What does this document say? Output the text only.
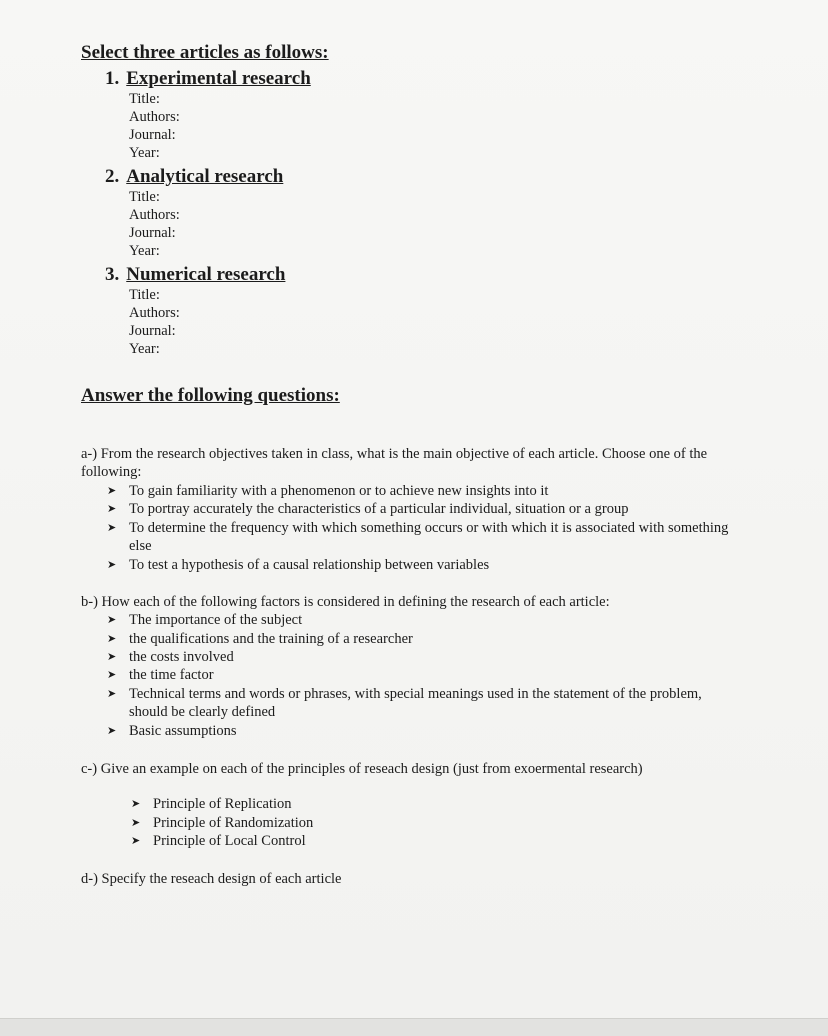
Select three articles as follows:
1. Experimental research
Title:
Authors:
Journal:
Year:
2. Analytical research
Title:
Authors:
Journal:
Year:
3. Numerical research
Title:
Authors:
Journal:
Year:
Answer the following questions:
a-) From the research objectives taken in class, what is the main objective of each article. Choose one of the following:
➤ To gain familiarity with a phenomenon or to achieve new insights into it
➤ To portray accurately the characteristics of a particular individual, situation or a group
➤ To determine the frequency with which something occurs or with which it is associated with something else
➤ To test a hypothesis of a causal relationship between variables
b-) How each of the following factors is considered in defining the research of each article:
➤ The importance of the subject
➤ the qualifications and the training of a researcher
➤ the costs involved
➤ the time factor
➤ Technical terms and words or phrases, with special meanings used in the statement of the problem, should be clearly defined
➤ Basic assumptions
c-) Give an example on each of the principles of reseach design (just from exoermental research)
➤ Principle of Replication
➤ Principle of Randomization
➤ Principle of Local Control
d-) Specify the reseach design of each article
